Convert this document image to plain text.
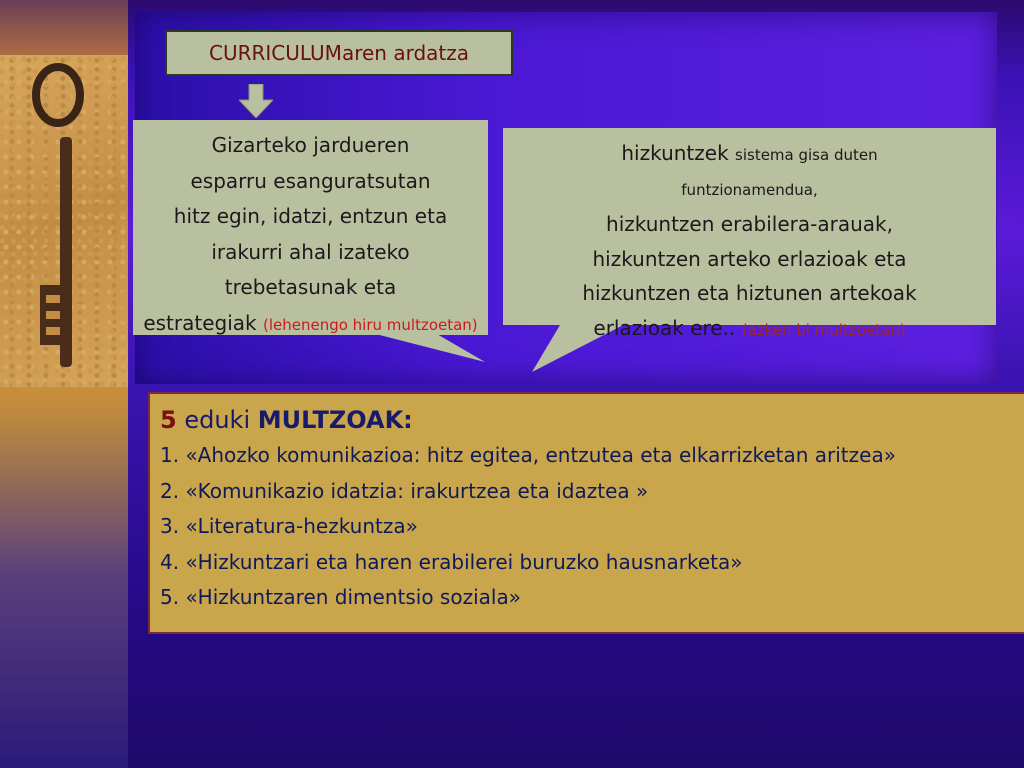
CURRICULUMaren ardatza
Gizarteko jardueren
esparru esanguratsutan
hitz egin, idatzi, entzun eta
irakurri ahal izateko
trebetasunak eta
estrategiak (lehenengo hiru multzoetan)
hizkuntzek sistema gisa duten
funtzionamendua,
hizkuntzen erabilera-arauak,
hizkuntzen arteko erlazioak eta
hizkuntzen eta hiztunen artekoak
erlazioak ere.. (azken bi multzoetan)
5 eduki MULTZOAK:
1. «Ahozko komunikazioa: hitz egitea, entzutea eta elkarrizketan aritzea»
2. «Komunikazio idatzia: irakurtzea eta idaztea »
3. «Literatura-hezkuntza»
4. «Hizkuntzari eta haren erabilerei buruzko hausnarketa»
5. «Hizkuntzaren dimentsio soziala»
